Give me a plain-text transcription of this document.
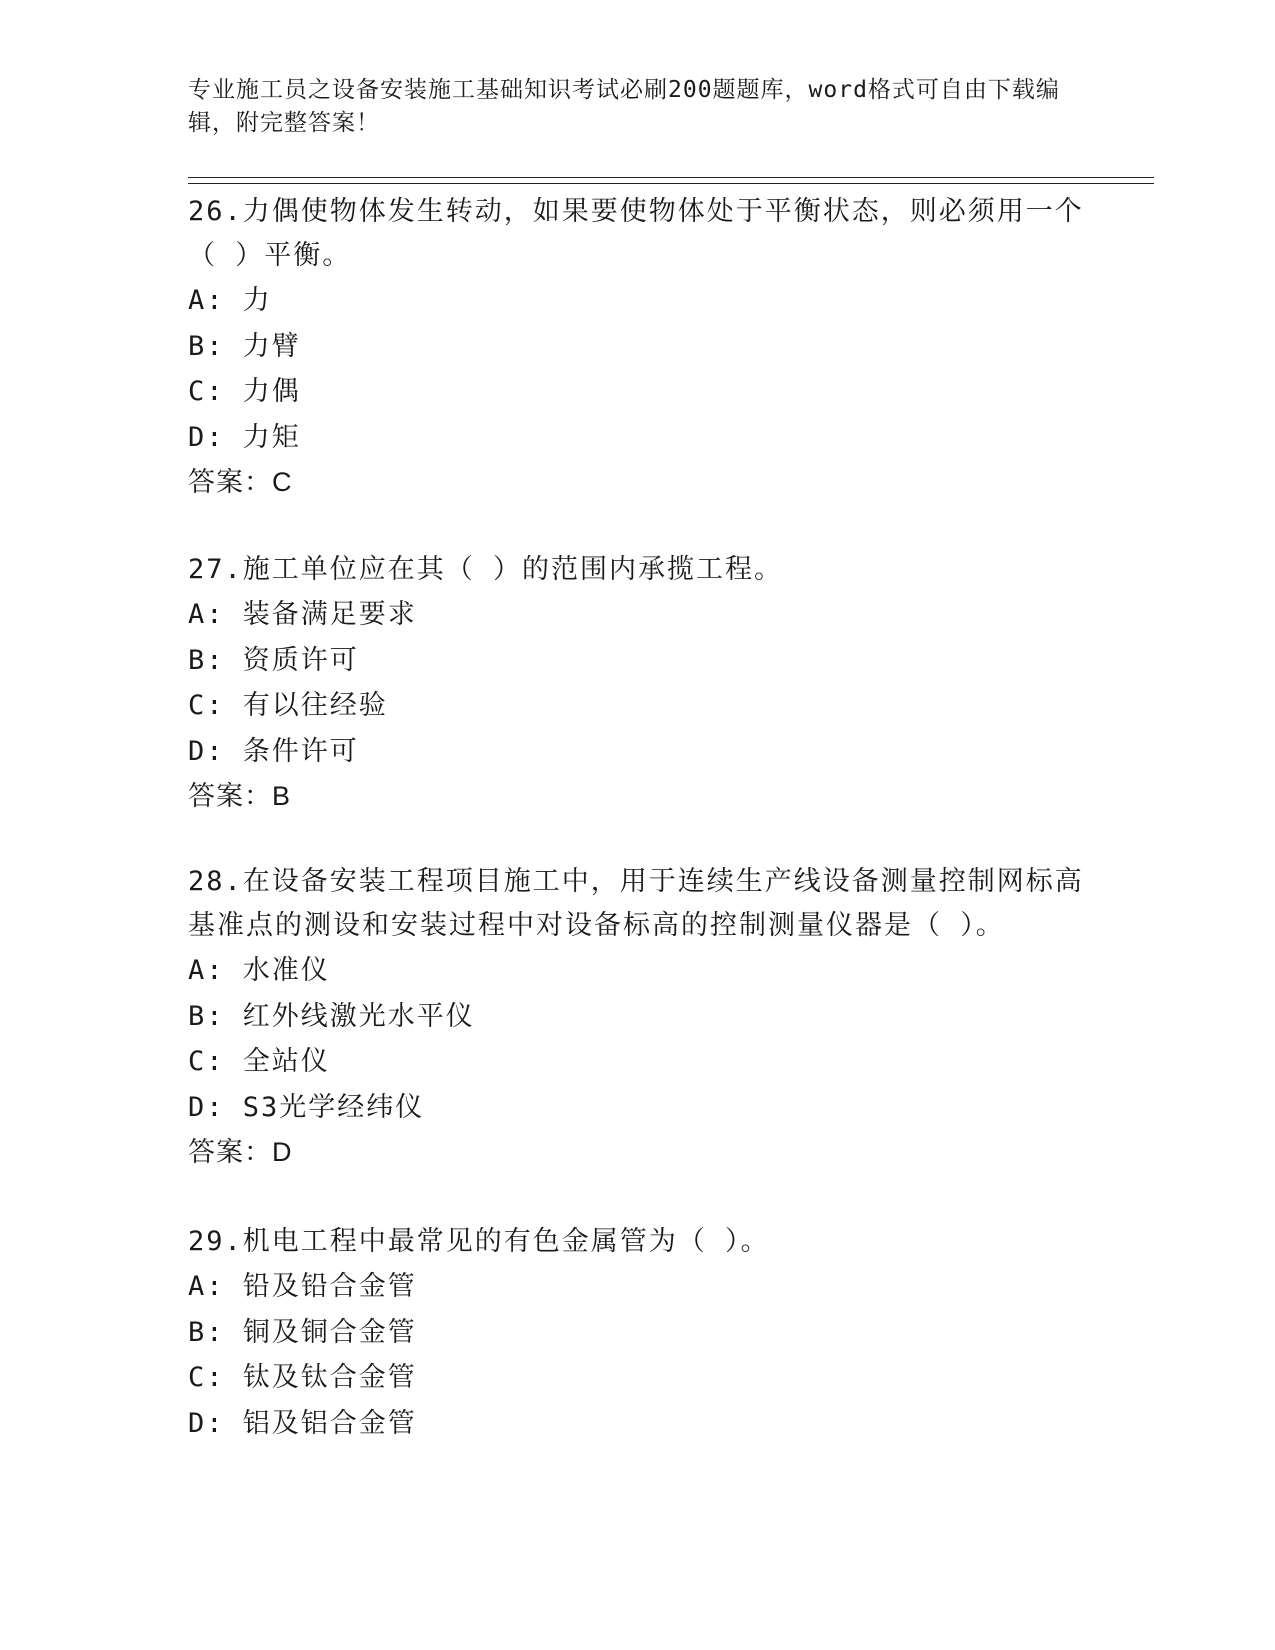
专业施工员之设备安装施工基础知识考试必刷200题题库，word格式可自由下载编辑，附完整答案！

26.力偶使物体发生转动，如果要使物体处于平衡状态，则必须用一个（ ）平衡。

A: 力

B: 力臂

C: 力偶

D: 力矩

答案：C

27.施工单位应在其（ ）的范围内承揽工程。

A: 装备满足要求

B: 资质许可

C: 有以往经验

D: 条件许可

答案：B

28.在设备安装工程项目施工中，用于连续生产线设备测量控制网标高基准点的测设和安装过程中对设备标高的控制测量仪器是（ ）。

A: 水准仪

B: 红外线激光水平仪

C: 全站仪

D: S3光学经纬仪

答案：D

29.机电工程中最常见的有色金属管为（ ）。

A: 铅及铅合金管

B: 铜及铜合金管

C: 钛及钛合金管

D: 铝及铝合金管
